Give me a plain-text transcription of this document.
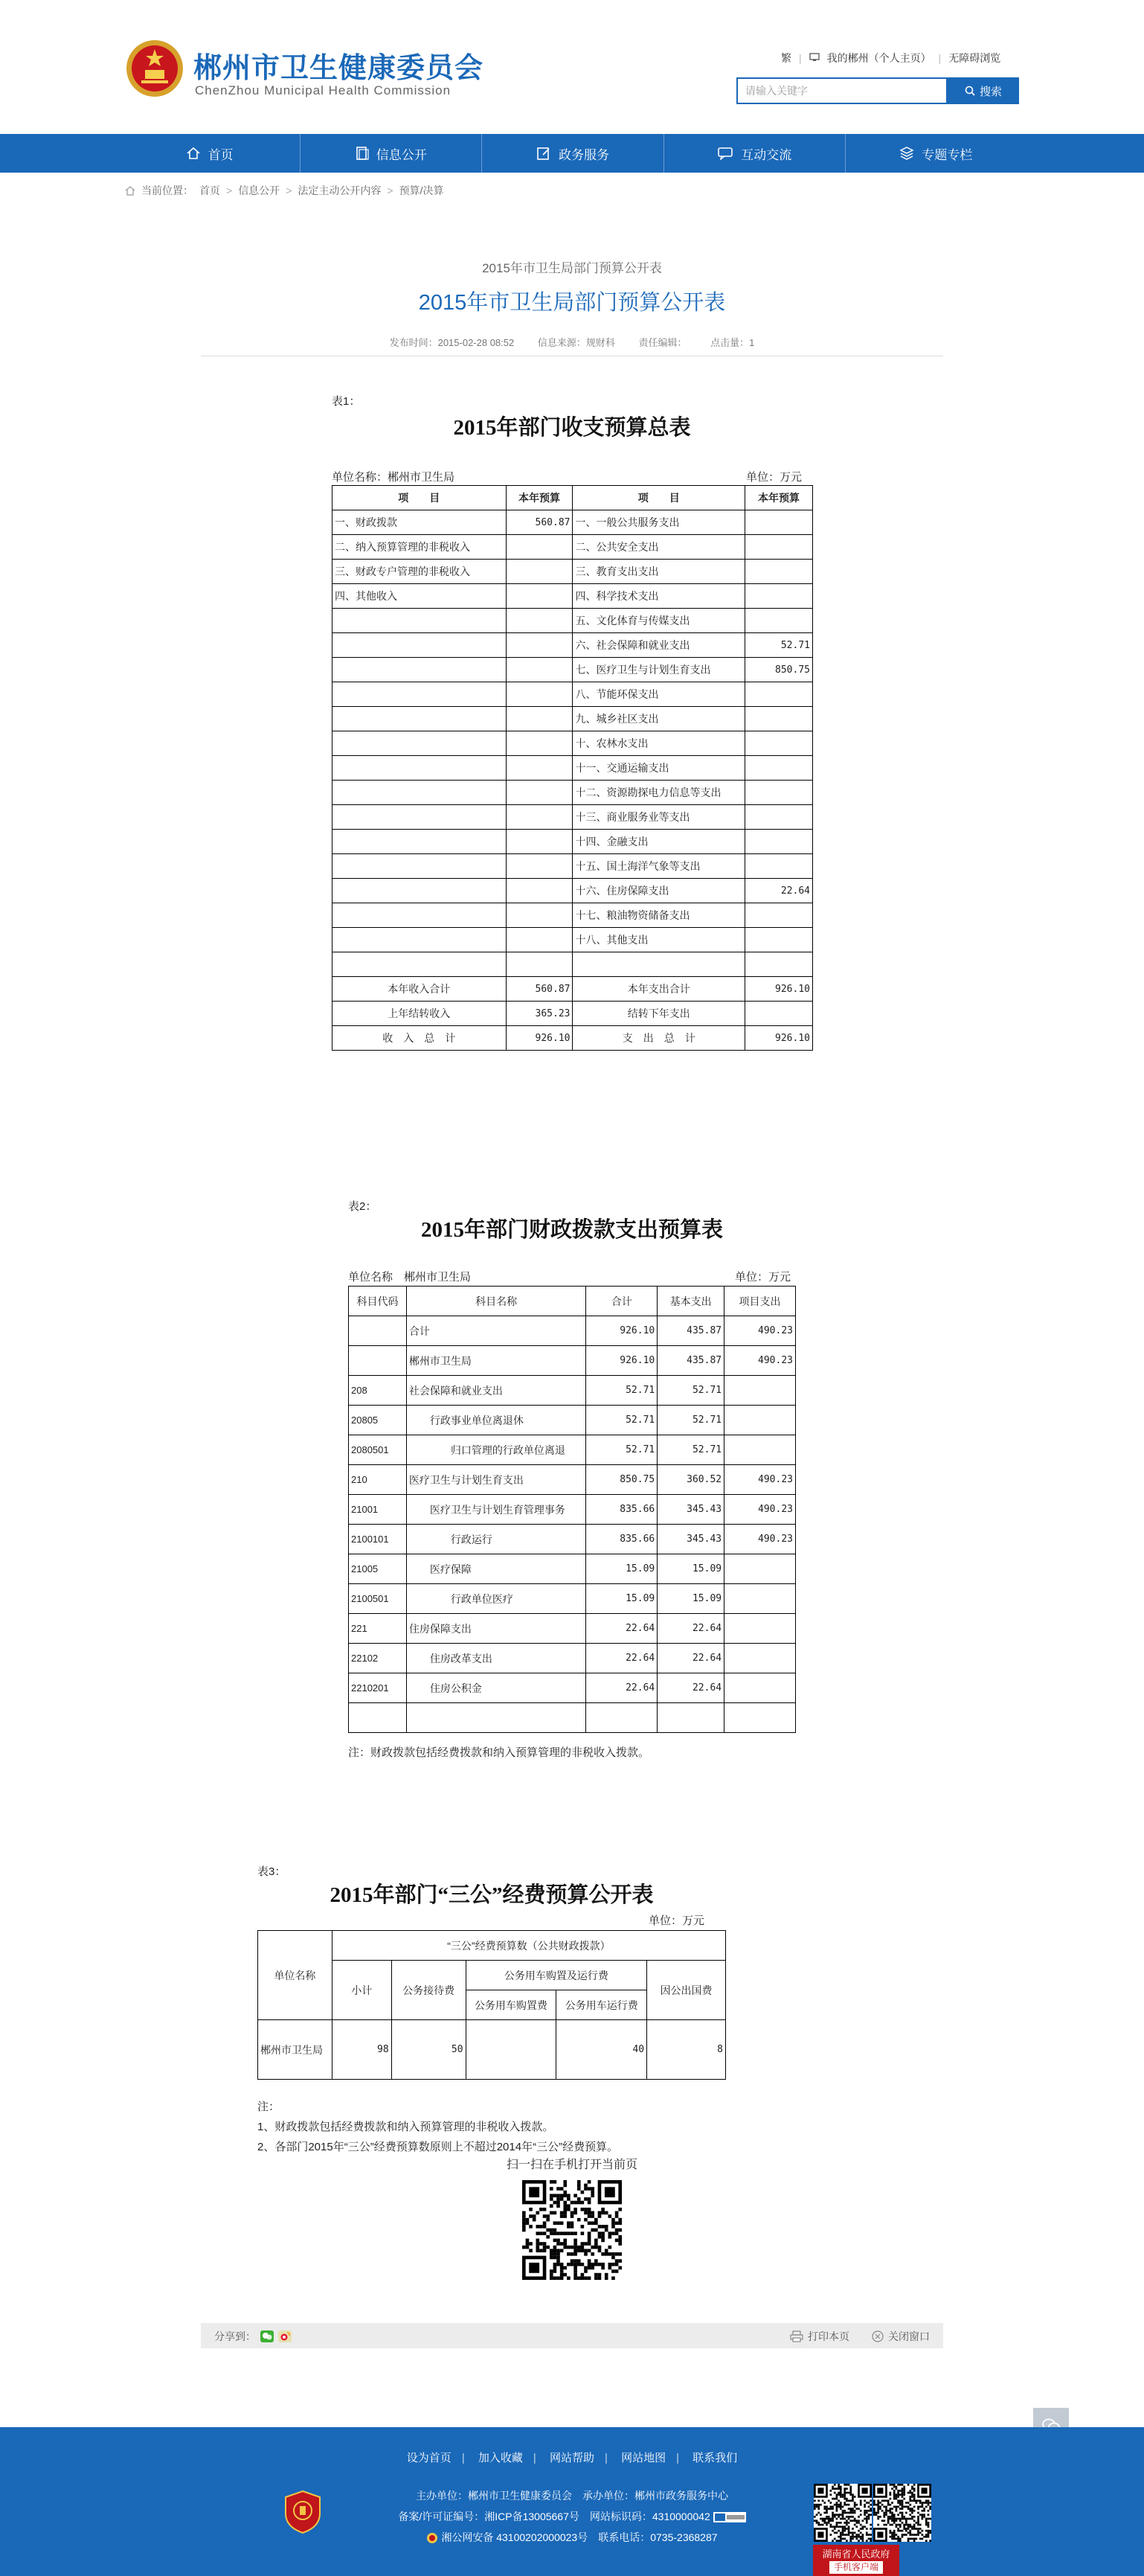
郴州市卫生健康委员会
ChenZhou Municipal Health Commission
繁 | 我的郴州（个人主页） | 无障碍浏览
请输入关键字	搜索
首页	信息公开	政务服务	互动交流	专题专栏
当前位置： 首页 > 信息公开 > 法定主动公开内容 > 预算/决算
2015年市卫生局部门预算公开表
2015年市卫生局部门预算公开表
发布时间：2015-02-28 08:52 信息来源：规财科 责任编辑： 点击量：1
表1：
2015年部门收支预算总表
单位名称：郴州市卫生局	单位：万元
项　　目	本年预算	项　　目	本年预算
一、财政拨款	560.87	一、一般公共服务支出	
二、纳入预算管理的非税收入		二、公共安全支出	
三、财政专户管理的非税收入		三、教育支出支出	
四、其他收入		四、科学技术支出	
		五、文化体育与传媒支出	
		六、社会保障和就业支出	52.71
		七、医疗卫生与计划生育支出	850.75
		八、节能环保支出	
		九、城乡社区支出	
		十、农林水支出	
		十一、交通运输支出	
		十二、资源勘探电力信息等支出	
		十三、商业服务业等支出	
		十四、金融支出	
		十五、国土海洋气象等支出	
		十六、住房保障支出	22.64
		十七、粮油物资储备支出	
		十八、其他支出	

本年收入合计	560.87	本年支出合计	926.10
上年结转收入	365.23	结转下年支出	
收　入　总　计	926.10	支　出　总　计	926.10
表2：
2015年部门财政拨款支出预算表
单位名称　郴州市卫生局	单位：万元
科目代码	科目名称	合计	基本支出	项目支出
	合计	926.10	435.87	490.23
	郴州市卫生局	926.10	435.87	490.23
208	社会保障和就业支出	52.71	52.71	
20805	行政事业单位离退休	52.71	52.71	
2080501	归口管理的行政单位离退	52.71	52.71	
210	医疗卫生与计划生育支出	850.75	360.52	490.23
21001	医疗卫生与计划生育管理事务	835.66	345.43	490.23
2100101	行政运行	835.66	345.43	490.23
21005	医疗保障	15.09	15.09	
2100501	行政单位医疗	15.09	15.09	
221	住房保障支出	22.64	22.64	
22102	住房改革支出	22.64	22.64	
2210201	住房公积金	22.64	22.64	

注：财政拨款包括经费拨款和纳入预算管理的非税收入拨款。
表3：
2015年部门“三公”经费预算公开表
单位：万元
单位名称	“三公”经费预算数（公共财政拨款）				
	小计	公务接待费	公务用车购置及运行费		因公出国费
			公务用车购置费	公务用车运行费	
郴州市卫生局	98	50		40	8
注：
1、财政拨款包括经费拨款和纳入预算管理的非税收入拨款。
2、各部门2015年“三公”经费预算数原则上不超过2014年“三公”经费预算。
扫一扫在手机打开当前页
分享到：	打印本页	关闭窗口
设为首页 | 加入收藏 | 网站帮助 | 网站地图 | 联系我们
主办单位：郴州市卫生健康委员会　承办单位：郴州市政务服务中心
备案/许可证编号：湘ICP备13005667号　网站标识码：4310000042
湘公网安备 43100202000023号　联系电话：0735-2368287
湖南省人民政府
手机客户端
